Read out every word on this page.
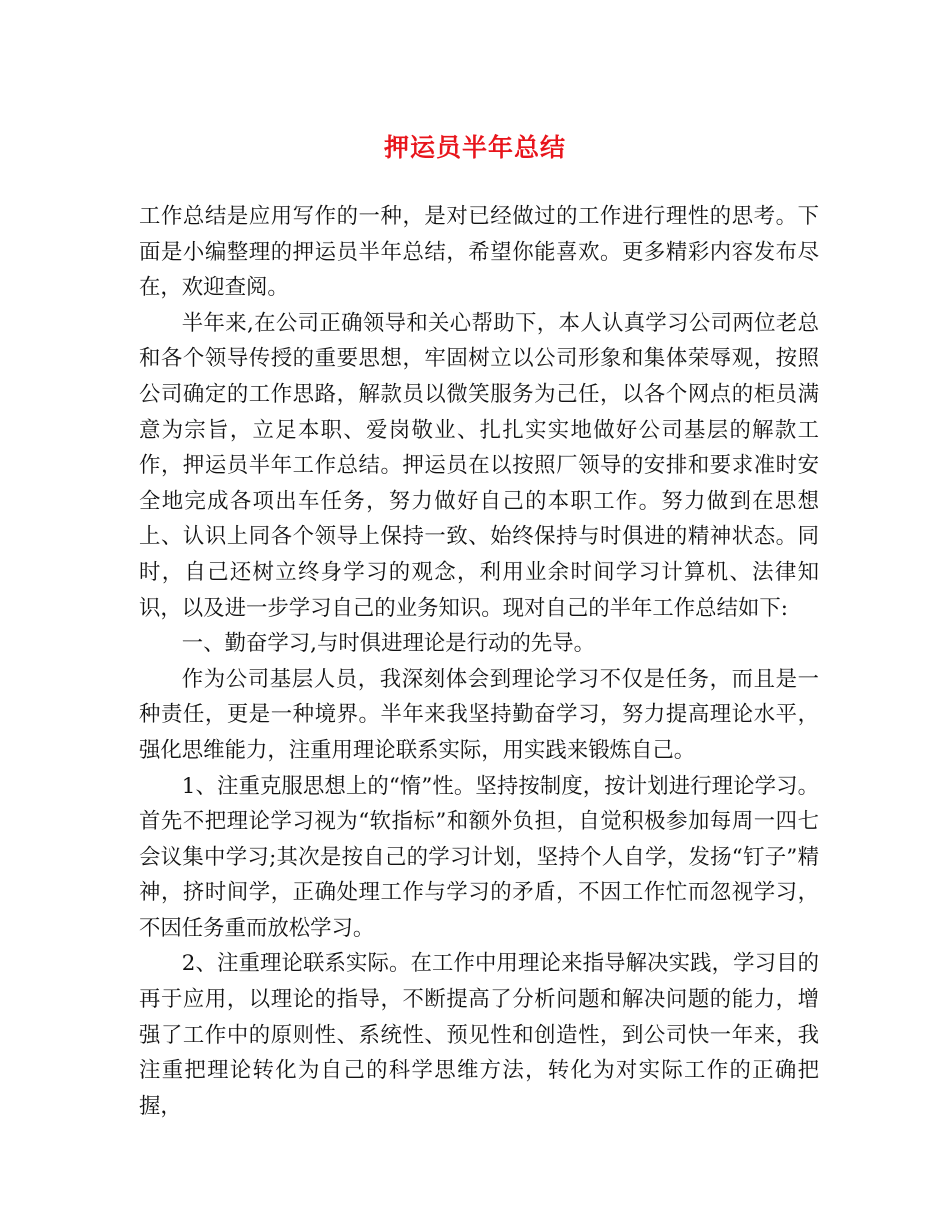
押运员半年总结

工作总结是应用写作的一种，是对已经做过的工作进行理性的思考。下面是小编整理的押运员半年总结，希望你能喜欢。更多精彩内容发布尽在，欢迎查阅。

半年来,在公司正确领导和关心帮助下，本人认真学习公司两位老总和各个领导传授的重要思想，牢固树立以公司形象和集体荣辱观，按照公司确定的工作思路，解款员以微笑服务为己任，以各个网点的柜员满意为宗旨，立足本职、爱岗敬业、扎扎实实地做好公司基层的解款工作，押运员半年工作总结。押运员在以按照厂领导的安排和要求准时安全地完成各项出车任务，努力做好自己的本职工作。努力做到在思想上、认识上同各个领导上保持一致、始终保持与时俱进的精神状态。同时，自己还树立终身学习的观念，利用业余时间学习计算机、法律知识，以及进一步学习自己的业务知识。现对自己的半年工作总结如下:

一、勤奋学习,与时俱进理论是行动的先导。

作为公司基层人员，我深刻体会到理论学习不仅是任务，而且是一种责任，更是一种境界。半年来我坚持勤奋学习，努力提高理论水平，强化思维能力，注重用理论联系实际，用实践来锻炼自己。

1、注重克服思想上的“惰”性。坚持按制度，按计划进行理论学习。首先不把理论学习视为“软指标”和额外负担，自觉积极参加每周一四七会议集中学习;其次是按自己的学习计划，坚持个人自学，发扬“钉子”精神，挤时间学，正确处理工作与学习的矛盾，不因工作忙而忽视学习，不因任务重而放松学习。

2、注重理论联系实际。在工作中用理论来指导解决实践，学习目的再于应用，以理论的指导，不断提高了分析问题和解决问题的能力，增强了工作中的原则性、系统性、预见性和创造性，到公司快一年来，我注重把理论转化为自己的科学思维方法，转化为对实际工作的正确把握，
